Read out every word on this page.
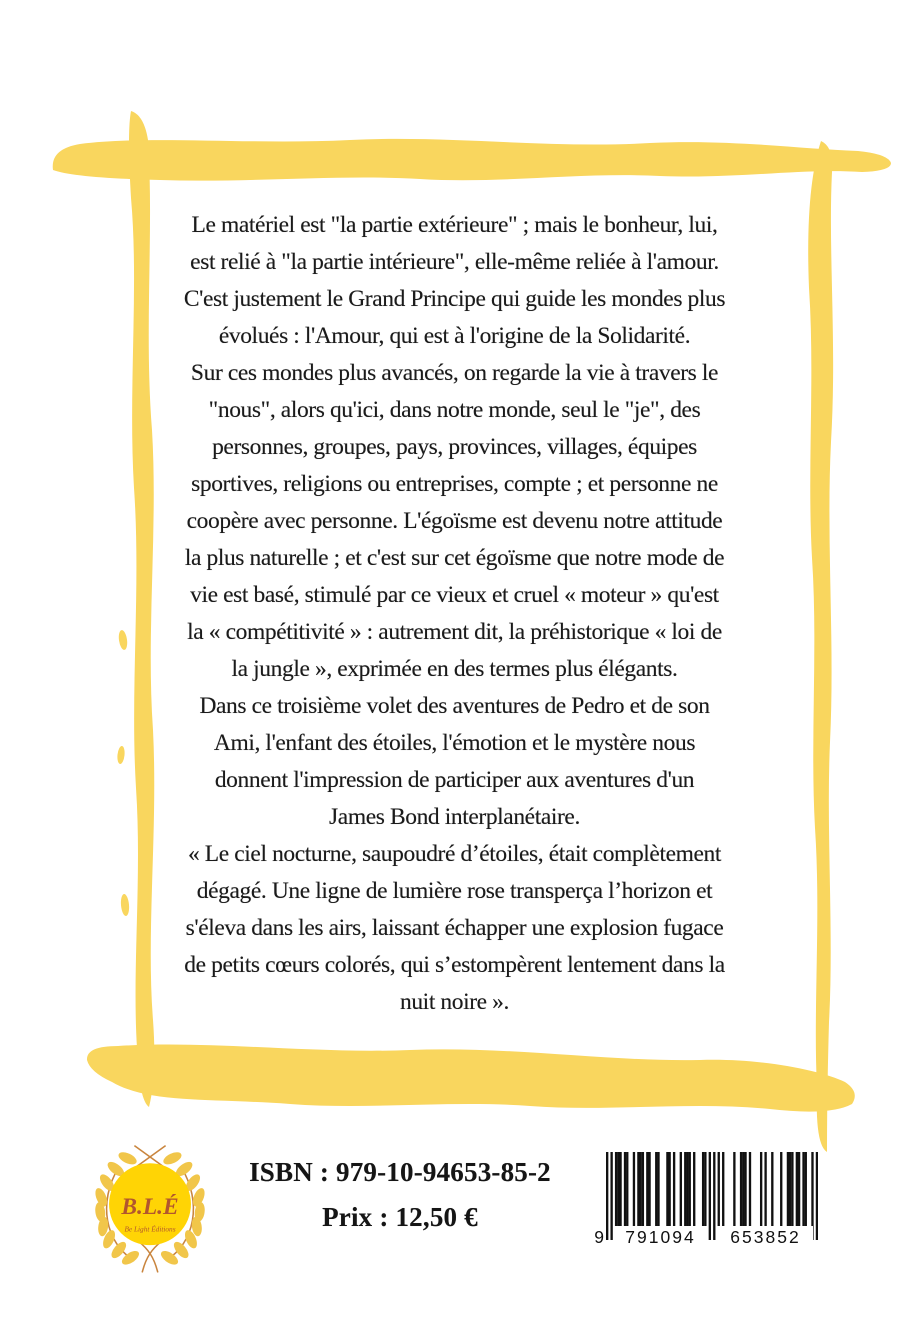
Le matériel est "la partie extérieure" ; mais le bonheur, lui,
est relié à "la partie intérieure", elle-même reliée à l'amour.
C'est justement le Grand Principe qui guide les mondes plus
évolués : l'Amour, qui est à l'origine de la Solidarité.
Sur ces mondes plus avancés, on regarde la vie à travers le
"nous", alors qu'ici, dans notre monde, seul le "je", des
personnes, groupes, pays, provinces, villages, équipes
sportives, religions ou entreprises, compte ; et personne ne
coopère avec personne. L'égoïsme est devenu notre attitude
la plus naturelle ; et c'est sur cet égoïsme que notre mode de
vie est basé, stimulé par ce vieux et cruel « moteur » qu'est
la « compétitivité » : autrement dit, la préhistorique « loi de
la jungle », exprimée en des termes plus élégants.
Dans ce troisième volet des aventures de Pedro et de son
Ami, l'enfant des étoiles, l'émotion et le mystère nous
donnent l'impression de participer aux aventures d'un
James Bond interplanétaire.
« Le ciel nocturne, saupoudré d’étoiles, était complètement
dégagé. Une ligne de lumière rose transperça l’horizon et
s'éleva dans les airs, laissant échapper une explosion fugace
de petits cœurs colorés, qui s’estompèrent lentement dans la
nuit noire ».
B.L.É
Be Light Éditions
ISBN : 979-10-94653-85-2
Prix : 12,50 €
9	791094	653852
